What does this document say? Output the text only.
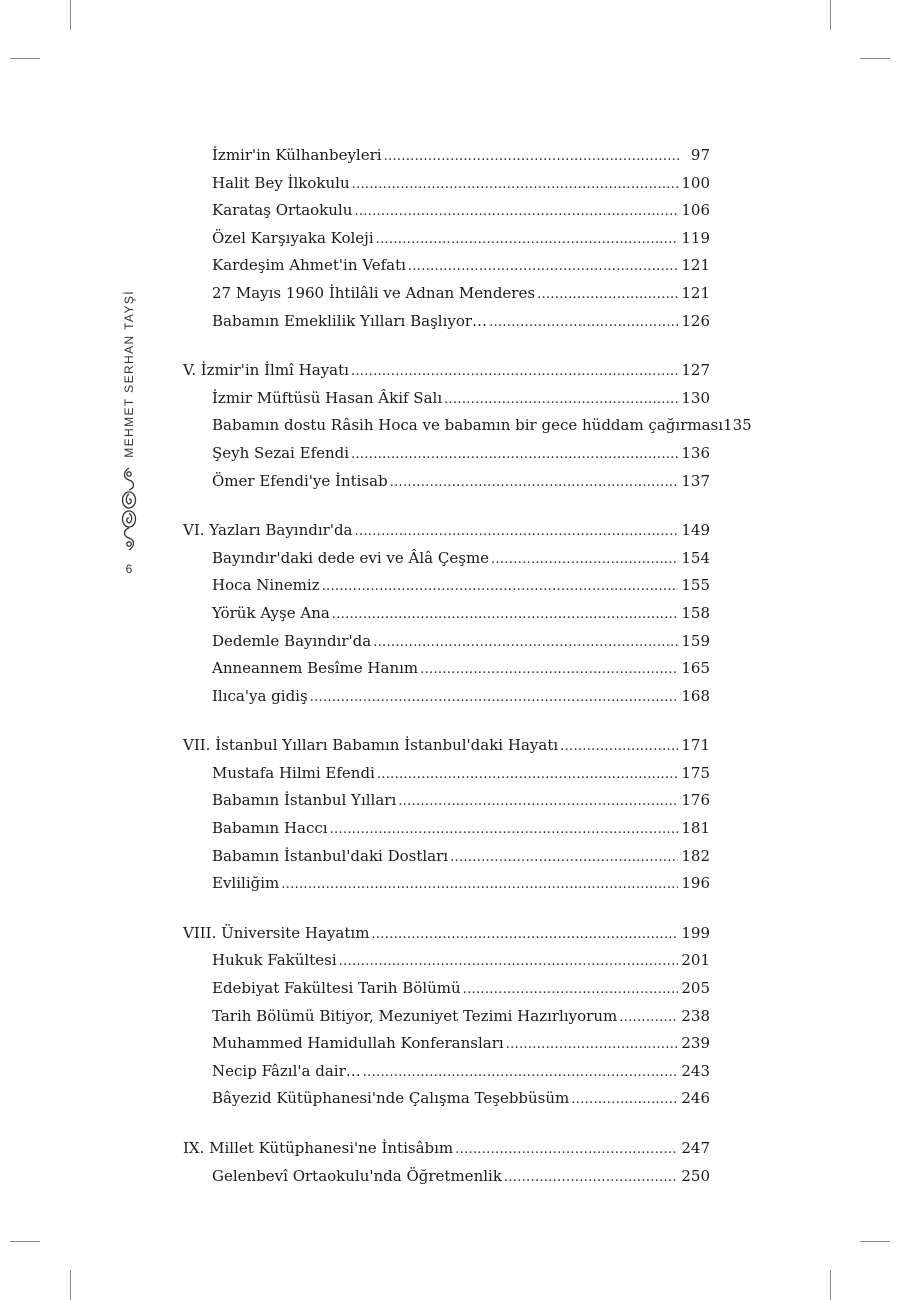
MEHMET SERHAN TAYŞİ
6
İzmir'in Külhanbeyleri .....	97
Halit Bey İlkokulu .....	100
Karataş Ortaokulu .....	106
Özel Karşıyaka Koleji .....	119
Kardeşim Ahmet'in Vefatı .....	121
27 Mayıs 1960 İhtilâli ve Adnan Menderes .....	121
Babamın Emeklilik Yılları Başlıyor… .....	126
V. İzmir'in İlmî Hayatı .....	127
İzmir Müftüsü Hasan Âkif Salı .....	130
Babamın dostu Râsih Hoca ve babamın bir gece hüddam çağırması 135
Şeyh Sezai Efendi .....	136
Ömer Efendi'ye İntisab .....	137
VI. Yazları Bayındır'da .....	149
Bayındır'daki dede evi ve Âlâ Çeşme .....	154
Hoca Ninemiz .....	155
Yörük Ayşe Ana .....	158
Dedemle Bayındır'da .....	159
Anneannem Besîme Hanım .....	165
Ilıca'ya gidiş .....	168
VII. İstanbul Yılları Babamın İstanbul'daki Hayatı .....	171
Mustafa Hilmi Efendi .....	175
Babamın İstanbul Yılları .....	176
Babamın Haccı .....	181
Babamın İstanbul'daki Dostları .....	182
Evliliğim .....	196
VIII. Üniversite Hayatım .....	199
Hukuk Fakültesi .....	201
Edebiyat Fakültesi Tarih Bölümü .....	205
Tarih Bölümü Bitiyor, Mezuniyet Tezimi Hazırlıyorum .....	238
Muhammed Hamidullah Konferansları .....	239
Necip Fâzıl'a dair… .....	243
Bâyezid Kütüphanesi'nde Çalışma Teşebbüsüm .....	246
IX. Millet Kütüphanesi'ne İntisâbım .....	247
Gelenbevî Ortaokulu'nda Öğretmenlik .....	250
